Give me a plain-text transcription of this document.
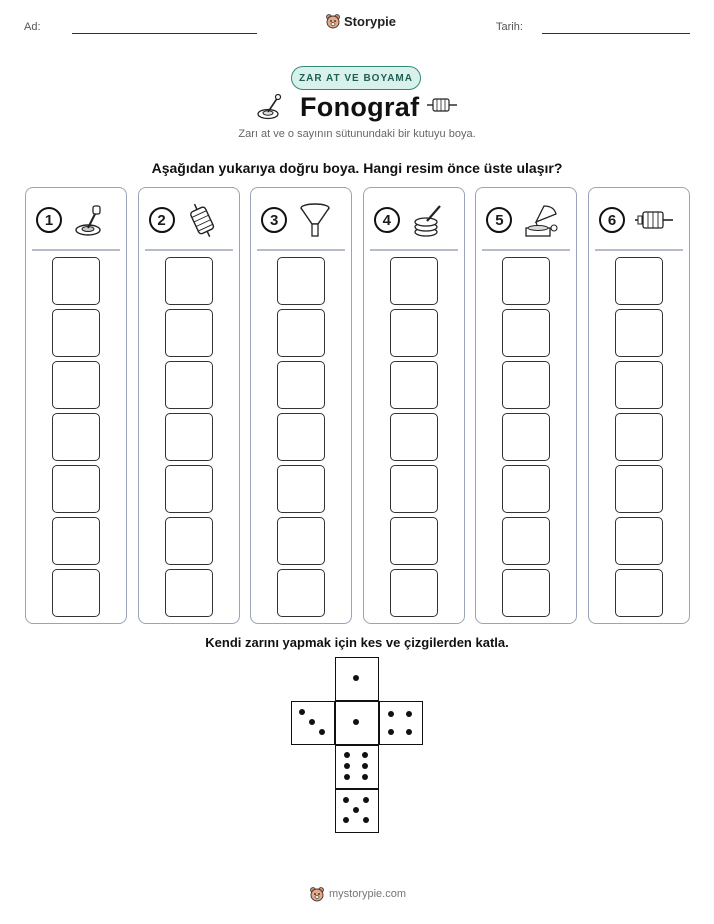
Ad:	Storypie	Tarih:
ZAR AT VE BOYAMA
Fonograf
Zarı at ve o sayının sütunundaki bir kutuyu boya.
Aşağıdan yukarıya doğru boya. Hangi resim önce üste ulaşır?
1	2	3	4	5	6
Kendi zarını yapmak için kes ve çizgilerden katla.
mystorypie.com
